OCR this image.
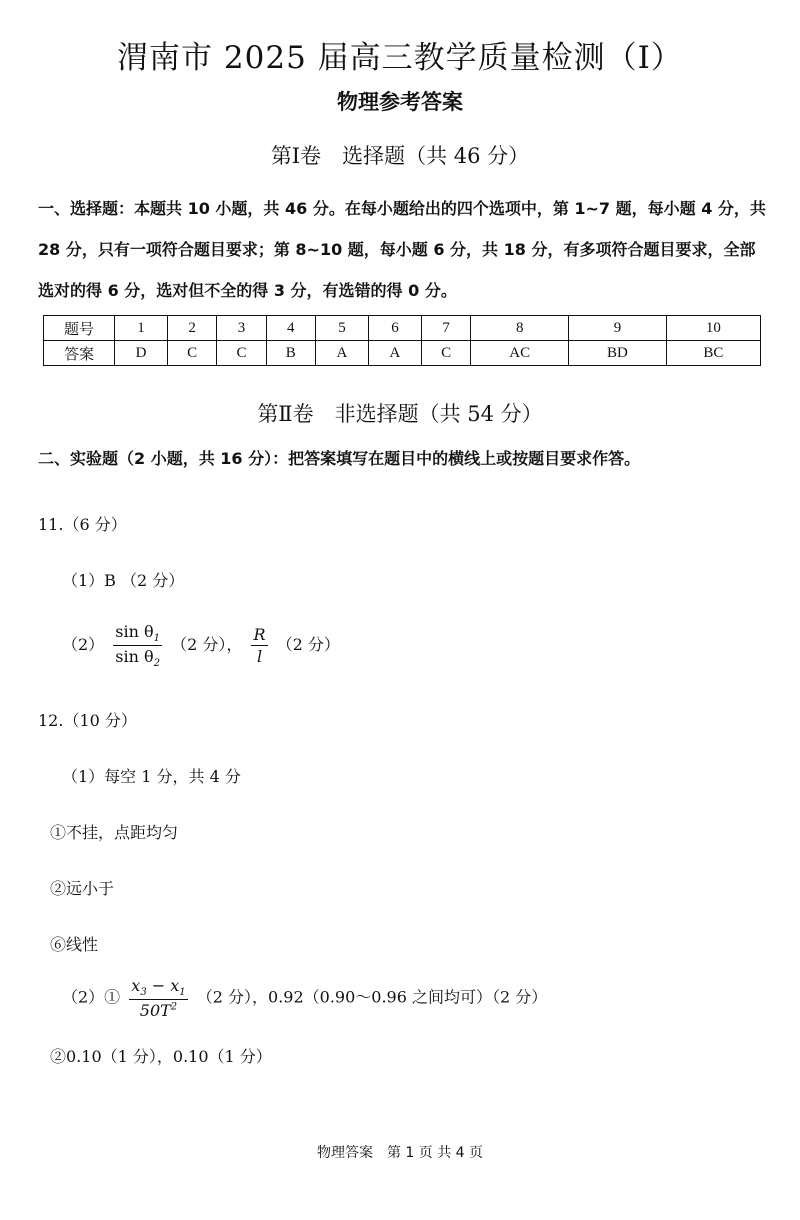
渭南市 2025 届高三教学质量检测（I）
物理参考答案
第Ⅰ卷　选择题（共 46 分）
一、选择题：本题共 10 小题，共 46 分。在每小题给出的四个选项中，第 1~7 题，每小题 4 分，共 28 分，只有一项符合题目要求；第 8~10 题，每小题 6 分，共 18 分，有多项符合题目要求，全部选对的得 6 分，选对但不全的得 3 分，有选错的得 0 分。
题号	1	2	3	4	5	6	7	8	9	10
答案	D	C	C	B	A	A	C	AC	BD	BC
第Ⅱ卷　非选择题（共 54 分）
二、实验题（2 小题，共 16 分）：把答案填写在题目中的横线上或按题目要求作答。
11.（6 分）
（1）B （2 分）
$(2) \frac{\sin \theta_1}{\sin \theta_2} (2$ 分）， $\frac{R}{l} (2$ 分）
12.（10 分）
（1）每空 1 分，共 4 分
①不挂，点距均匀
②远小于
⑥线性
（2）① $\frac{x_3 - x_1}{50T^2} (2$ 分），0.92（0.90～0.96 之间均可）（2 分）
②0.10（1 分），0.10（1 分）
物理答案　第 1 页 共 4 页
